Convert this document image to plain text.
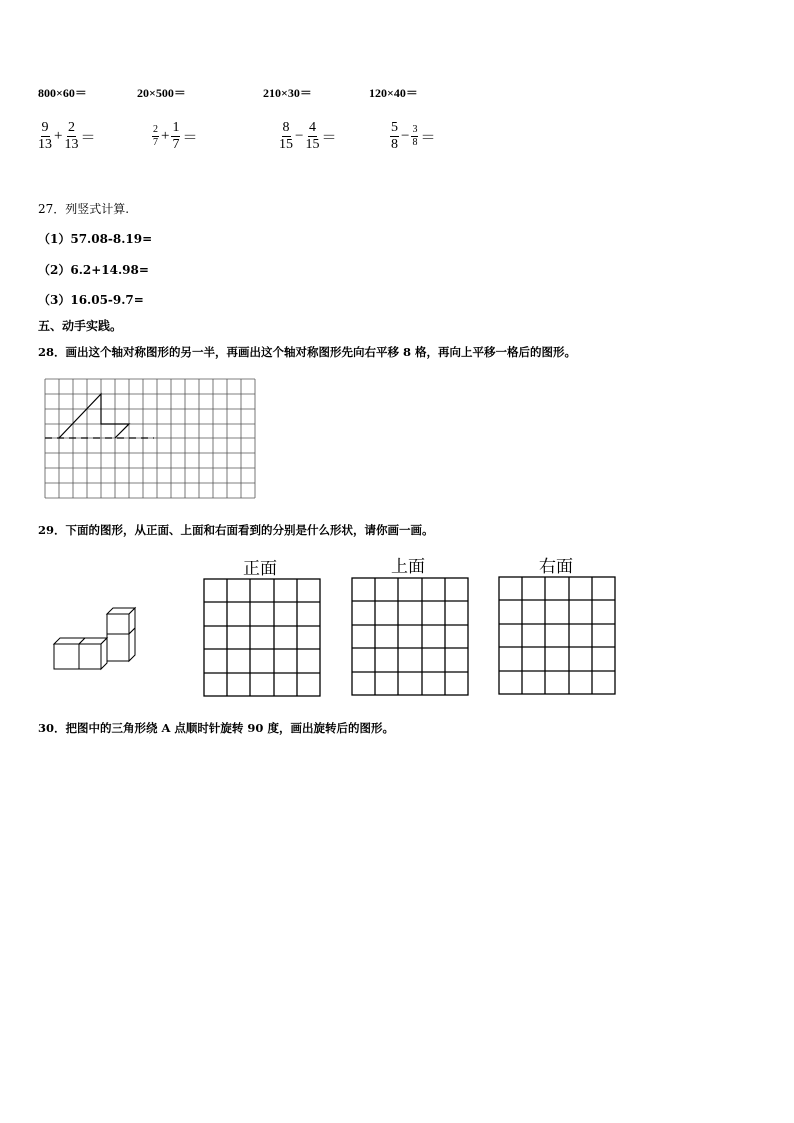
800×60＝	20×500＝	210×30＝	120×40＝
$\frac{9}{13} + \frac{2}{13}$ ＝	$\frac{2}{7} + \frac{1}{7}$ ＝	$\frac{8}{15} - \frac{4}{15}$ ＝	$\frac{5}{8} - \frac{3}{8}$ ＝
27．列竖式计算.
（1）57.08-8.19=
（2）6.2+14.98=
（3）16.05-9.7=
五、动手实践。
28．画出这个轴对称图形的另一半，再画出这个轴对称图形先向右平移 8 格，再向上平移一格后的图形。
29．下面的图形，从正面、上面和右面看到的分别是什么形状，请你画一画。
正面	上面	右面
30．把图中的三角形绕 A 点顺时针旋转 90 度，画出旋转后的图形。
